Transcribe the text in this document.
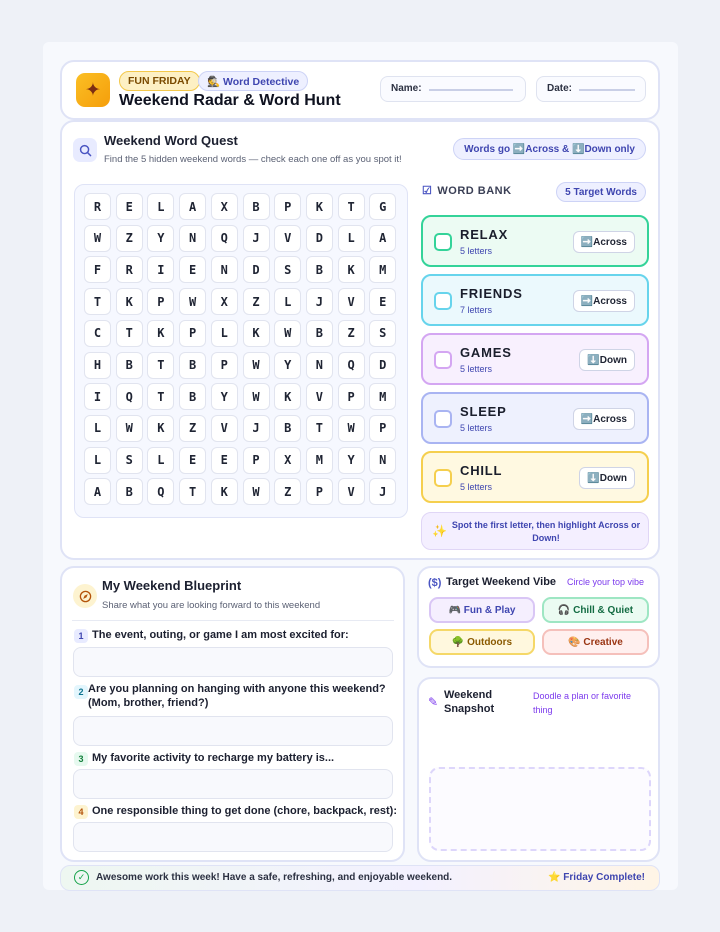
✦	FUN FRIDAY	🕵️ Word Detective
Weekend Radar & Word Hunt
Name:	Date:
Weekend Word Quest
Find the 5 hidden weekend words — check each one off as you spot it!
Words go ➡️Across & ⬇️Down only
R	E	L	A	X	B	P	K	T	G
W	Z	Y	N	Q	J	V	D	L	A
F	R	I	E	N	D	S	B	K	M
T	K	P	W	X	Z	L	J	V	E
C	T	K	P	L	K	W	B	Z	S
H	B	T	B	P	W	Y	N	Q	D
I	Q	T	B	Y	W	K	V	P	M
L	W	K	Z	V	J	B	T	W	P
L	S	L	E	E	P	X	M	Y	N
A	B	Q	T	K	W	Z	P	V	J
☑ WORD BANK	5 Target Words
RELAX
5 letters
➡️Across
FRIENDS
7 letters
➡️Across
GAMES
5 letters
⬇️Down
SLEEP
5 letters
➡️Across
CHILL
5 letters
⬇️Down
✨ Spot the first letter, then highlight Across or Down!
My Weekend Blueprint
Share what you are looking forward to this weekend
1 The event, outing, or game I am most excited for:
2 Are you planning on hanging with anyone this weekend? (Mom, brother, friend?)
3 My favorite activity to recharge my battery is...
4 One responsible thing to get done (chore, backpack, rest):
($) Target Weekend Vibe Circle your top vibe
🎮 Fun & Play	🎧 Chill & Quiet
🌳 Outdoors	🎨 Creative
✎ Weekend Snapshot
Doodle a plan or favorite thing
✓	Awesome work this week! Have a safe, refreshing, and enjoyable weekend.	⭐ Friday Complete!
